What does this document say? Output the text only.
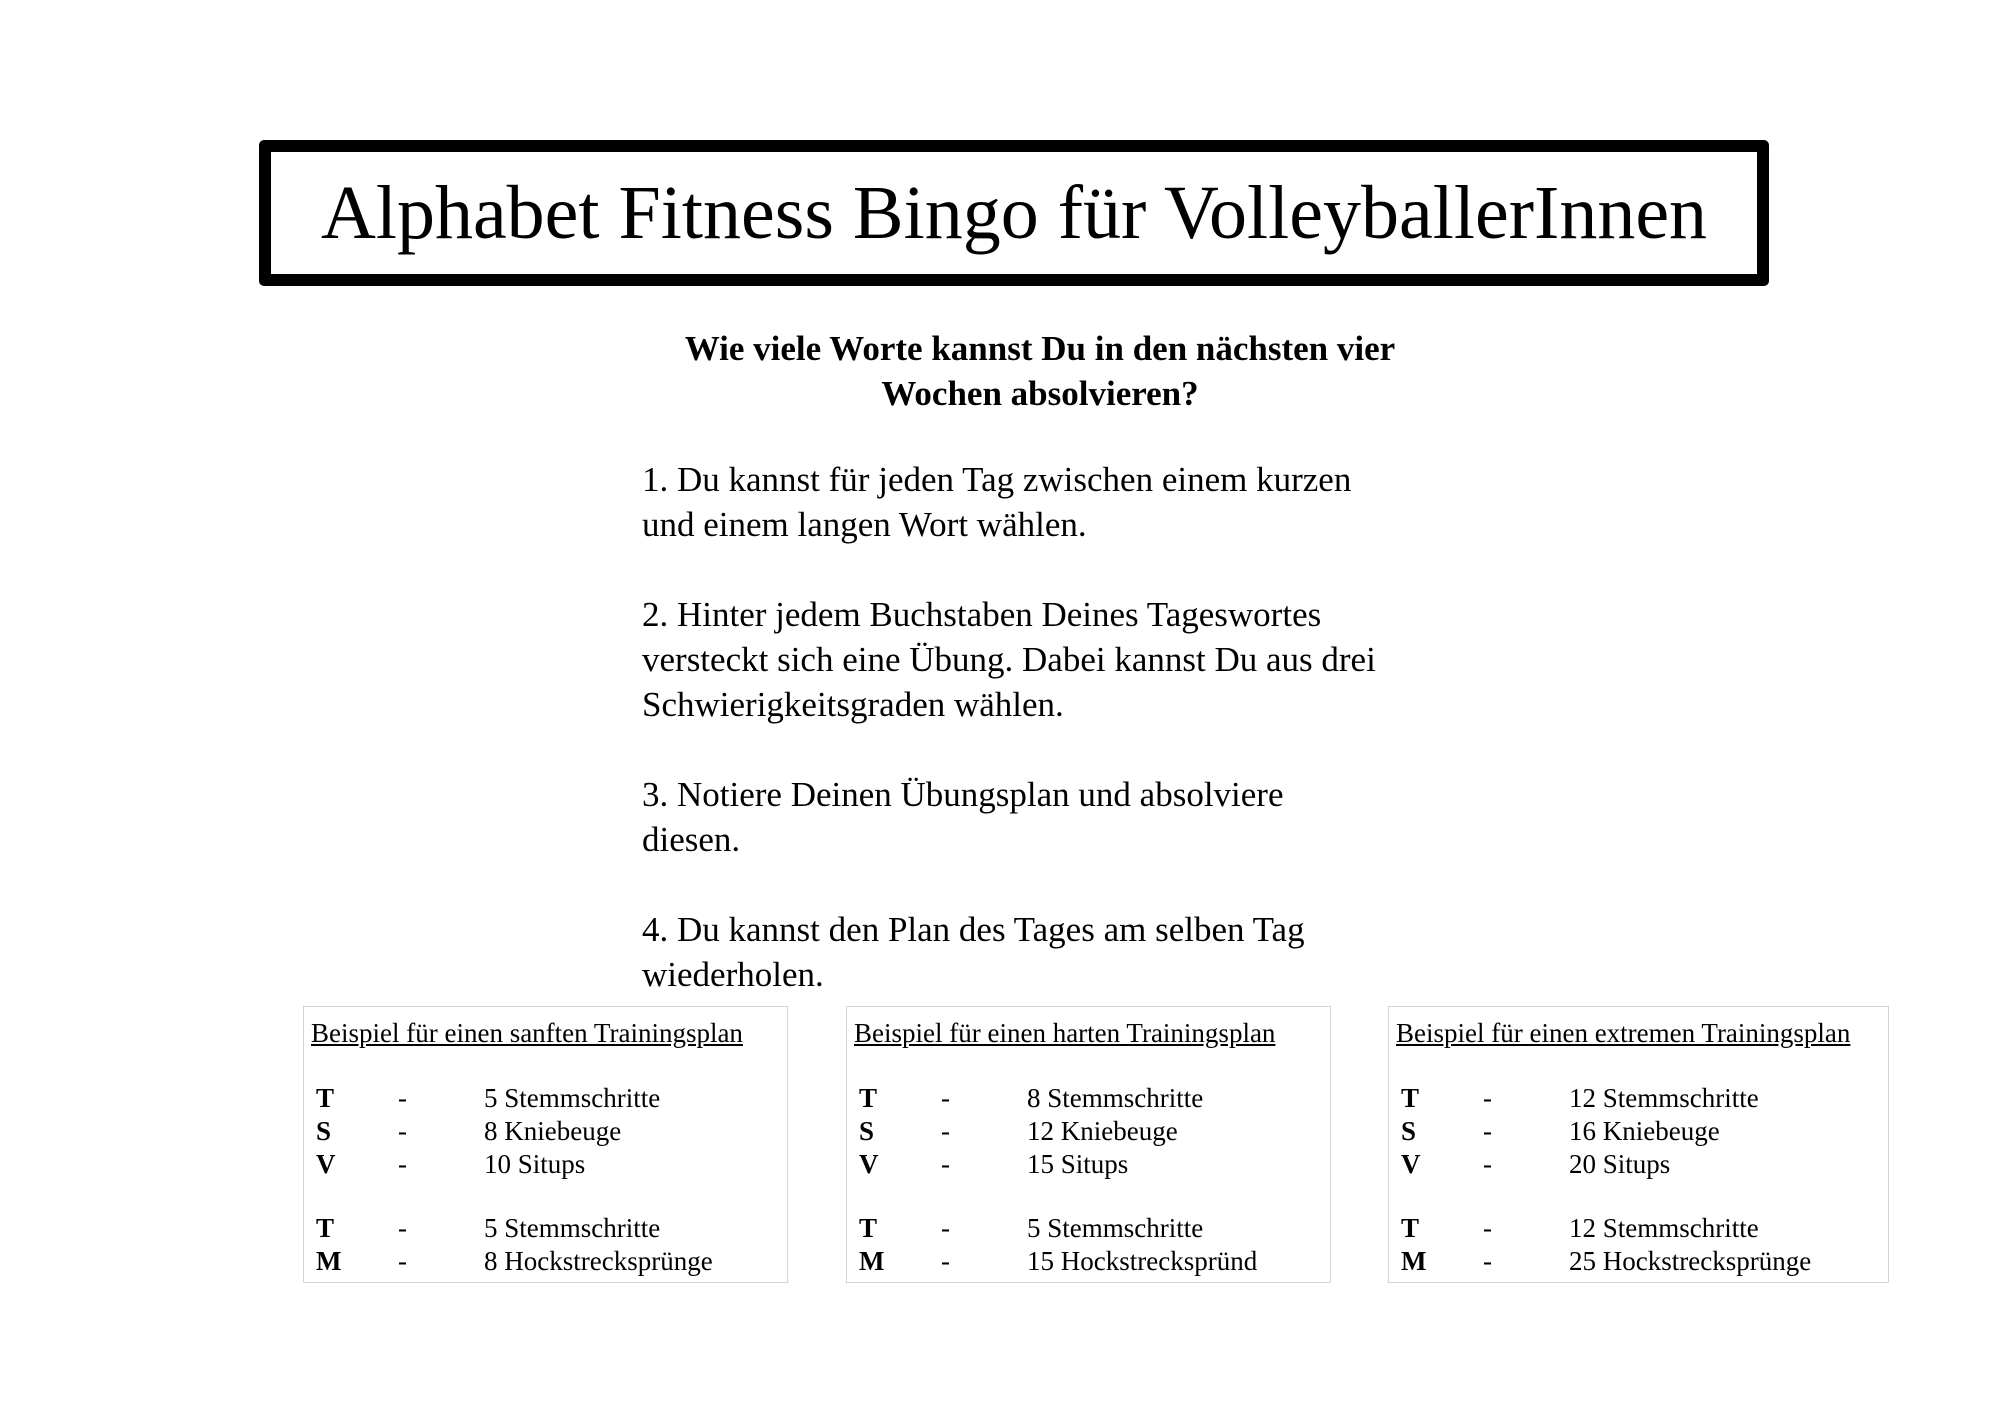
Alphabet Fitness Bingo für VolleyballerInnen
Wie viele Worte kannst Du in den nächsten vier
Wochen absolvieren?
1. Du kannst für jeden Tag zwischen einem kurzen
und einem langen Wort wählen.
2. Hinter jedem Buchstaben Deines Tageswortes
versteckt sich eine Übung. Dabei kannst Du aus drei
Schwierigkeitsgraden wählen.
3. Notiere Deinen Übungsplan und absolviere
diesen.
4. Du kannst den Plan des Tages am selben Tag
wiederholen.
Beispiel für einen sanften Trainingsplan
T -	5 Stemmschritte
S -	8 Kniebeuge
V -	10 Situps
T -	5 Stemmschritte
M -	8 Hockstrecksprünge
Beispiel für einen harten Trainingsplan
T -	8 Stemmschritte
S -	12 Kniebeuge
V -	15 Situps
T -	5 Stemmschritte
M -	15 Hockstreckspründ
Beispiel für einen extremen Trainingsplan
T -	12 Stemmschritte
S -	16 Kniebeuge
V -	20 Situps
T -	12 Stemmschritte
M -	25 Hockstrecksprünge
